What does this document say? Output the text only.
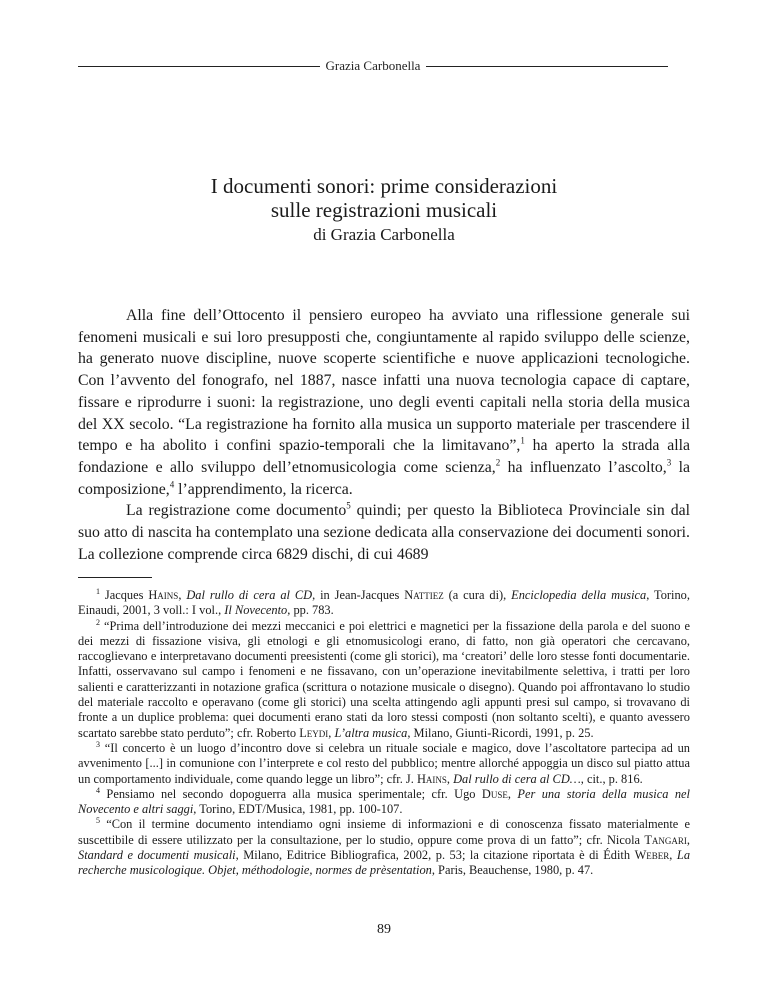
Grazia Carbonella
I documenti sonori: prime considerazioni
sulle registrazioni musicali
di Grazia Carbonella

Alla fine dell’Ottocento il pensiero europeo ha avviato una riflessione generale sui fenomeni musicali e sui loro presupposti che, congiuntamente al rapido sviluppo delle scienze, ha generato nuove discipline, nuove scoperte scientifiche e nuove applicazioni tecnologiche. Con l’avvento del fonografo, nel 1887, nasce infatti una nuova tecnologia capace di captare, fissare e riprodurre i suoni: la registrazione, uno degli eventi capitali nella storia della musica del XX secolo. “La registrazione ha fornito alla musica un supporto materiale per trascendere il tempo e ha abolito i confini spazio-temporali che la limitavano”,$^1$ ha aperto la strada alla fondazione e allo sviluppo dell’etnomusicologia come scienza,$^2$ ha influenzato l’ascolto,$^3$ la composizione,$^4$ l’apprendimento, la ricerca.

La registrazione come documento$^5$ quindi; per questo la Biblioteca Provinciale sin dal suo atto di nascita ha contemplato una sezione dedicata alla conservazione dei documenti sonori. La collezione comprende circa 6829 dischi, di cui 4689

$^1$ Jacques Hains, Dal rullo di cera al CD, in Jean-Jacques Nattiez (a cura di), Enciclopedia della musica, Torino, Einaudi, 2001, 3 voll.: I vol., Il Novecento, pp. 783.

$^2$ “Prima dell’introduzione dei mezzi meccanici e poi elettrici e magnetici per la fissazione della parola e del suono e dei mezzi di fissazione visiva, gli etnologi e gli etnomusicologi erano, di fatto, non già operatori che cercavano, raccoglievano e interpretavano documenti preesistenti (come gli storici), ma ‘creatori’ delle loro stesse fonti documentarie. Infatti, osservavano sul campo i fenomeni e ne fissavano, con un’operazione inevitabilmente selettiva, i tratti per loro salienti e caratterizzanti in notazione grafica (scrittura o notazione musicale o disegno). Quando poi affrontavano lo studio del materiale raccolto e operavano (come gli storici) una scelta attingendo agli appunti presi sul campo, si trovavano di fronte a un duplice problema: quei documenti erano stati da loro stessi composti (non soltanto scelti), e quanto avessero scartato sarebbe stato perduto”; cfr. Roberto Leydi, L’altra musica, Milano, Giunti-Ricordi, 1991, p. 25.

$^3$ “Il concerto è un luogo d’incontro dove si celebra un rituale sociale e magico, dove l’ascoltatore partecipa ad un avvenimento [...] in comunione con l’interprete e col resto del pubblico; mentre allorché appoggia un disco sul piatto attua un comportamento individuale, come quando legge un libro”; cfr. J. Hains, Dal rullo di cera al CD…, cit., p. 816.

$^4$ Pensiamo nel secondo dopoguerra alla musica sperimentale; cfr. Ugo Duse, Per una storia della musica nel Novecento e altri saggi, Torino, EDT/Musica, 1981, pp. 100-107.

$^5$ “Con il termine documento intendiamo ogni insieme di informazioni e di conoscenza fissato materialmente e suscettibile di essere utilizzato per la consultazione, per lo studio, oppure come prova di un fatto”; cfr. Nicola Tangari, Standard e documenti musicali, Milano, Editrice Bibliografica, 2002, p. 53; la citazione riportata è di Édith Weber, La recherche musicologique. Objet, méthodologie, normes de prèsentation, Paris, Beauchense, 1980, p. 47.

89
